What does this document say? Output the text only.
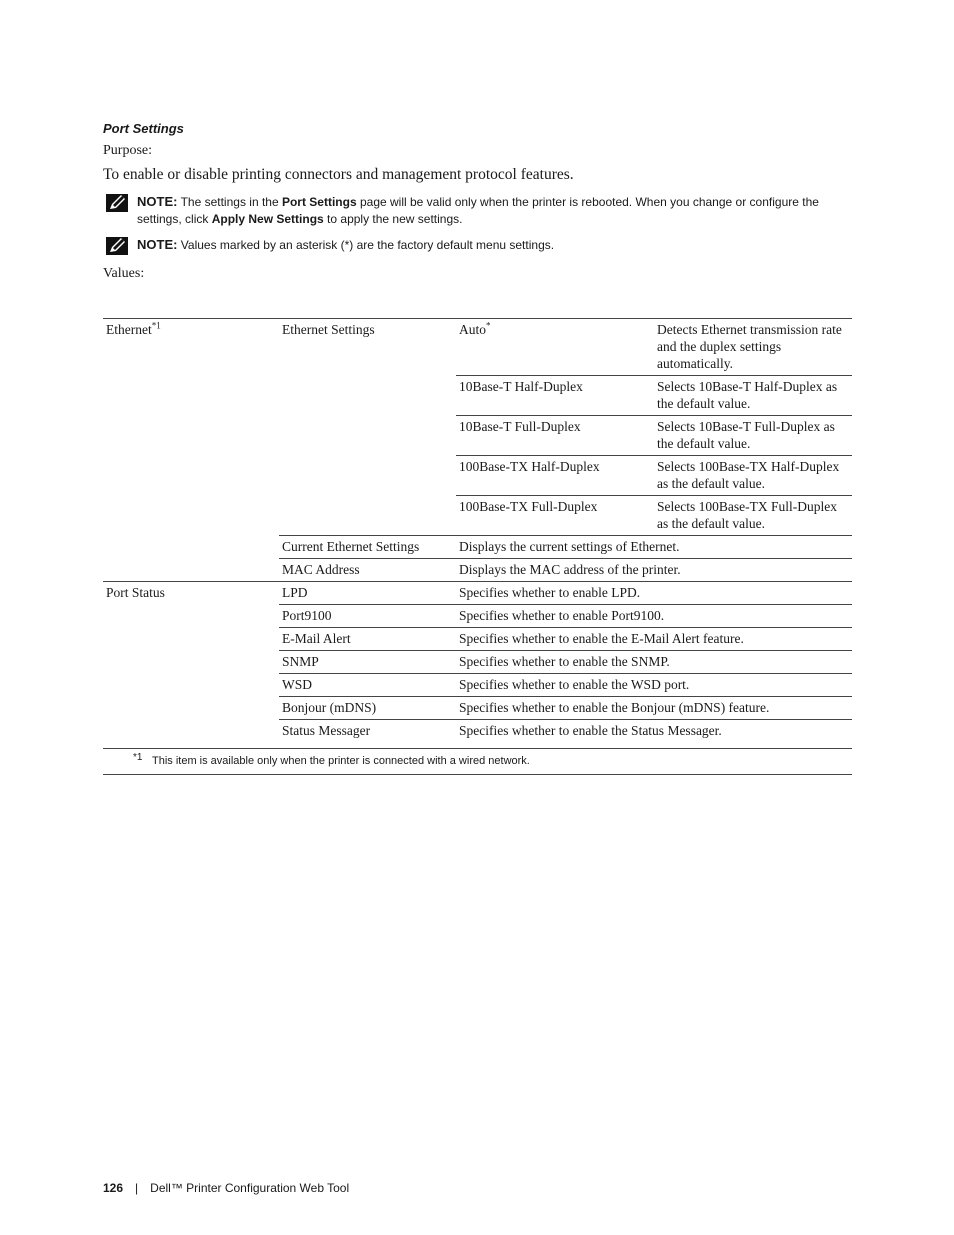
Port Settings
Purpose:
To enable or disable printing connectors and management protocol features.
NOTE: The settings in the Port Settings page will be valid only when the printer is rebooted. When you change or configure the settings, click Apply New Settings to apply the new settings.
NOTE: Values marked by an asterisk (*) are the factory default menu settings.
Values:
Ethernet$^{*1}$	Ethernet Settings	Auto*	Detects Ethernet transmission rate and the duplex settings automatically.
		10Base-T Half-Duplex	Selects 10Base-T Half-Duplex as the default value.
		10Base-T Full-Duplex	Selects 10Base-T Full-Duplex as the default value.
		100Base-TX Half-Duplex	Selects 100Base-TX Half-Duplex as the default value.
		100Base-TX Full-Duplex	Selects 100Base-TX Full-Duplex as the default value.
	Current Ethernet Settings	Displays the current settings of Ethernet.	
	MAC Address	Displays the MAC address of the printer.	
Port Status	LPD	Specifies whether to enable LPD.	
	Port9100	Specifies whether to enable Port9100.	
	E-Mail Alert	Specifies whether to enable the E-Mail Alert feature.	
	SNMP	Specifies whether to enable the SNMP.	
	WSD	Specifies whether to enable the WSD port.	
	Bonjour (mDNS)	Specifies whether to enable the Bonjour (mDNS) feature.	
	Status Messager	Specifies whether to enable the Status Messager.	
*1 This item is available only when the printer is connected with a wired network.
126 | Dell™ Printer Configuration Web Tool
